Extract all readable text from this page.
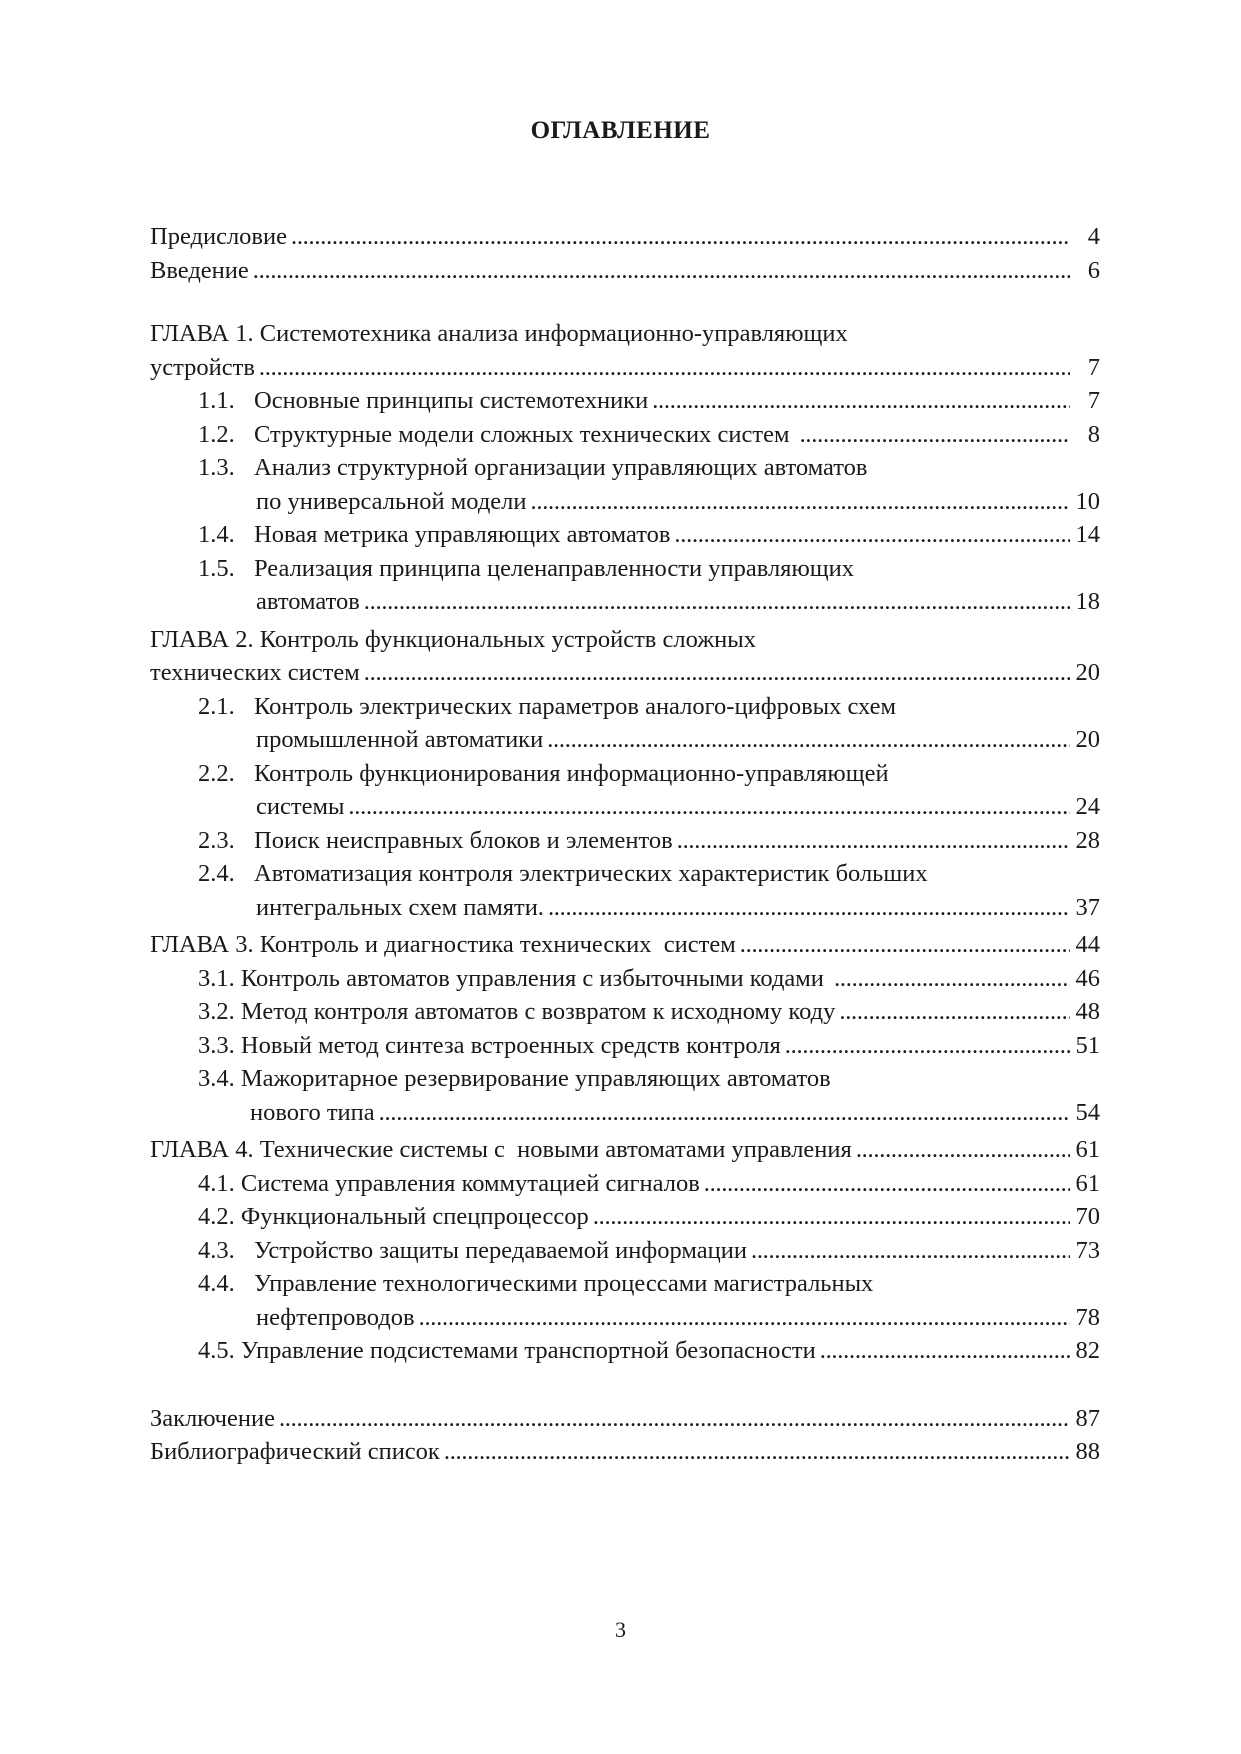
ОГЛАВЛЕНИЕ
Предисловие . . .	4
Введение . . .	6
ГЛАВА 1. Системотехника анализа информационно-управляющих
устройств . . .	7
1.1. Основные принципы системотехники . . .	7
1.2. Структурные модели сложных технических систем . . .	8
1.3. Анализ структурной организации управляющих автоматов
по универсальной модели . . .	10
1.4. Новая метрика управляющих автоматов . . .	14
1.5. Реализация принципа целенаправленности управляющих
автоматов . . .	18
ГЛАВА 2. Контроль функциональных устройств сложных
технических систем . . .	20
2.1. Контроль электрических параметров аналого-цифровых схем
промышленной автоматики . . .	20
2.2. Контроль функционирования информационно-управляющей
системы . . .	24
2.3. Поиск неисправных блоков и элементов . . .	28
2.4. Автоматизация контроля электрических характеристик больших
интегральных схем памяти. . . .	37
ГЛАВА 3. Контроль и диагностика технических  систем . . .	44
3.1. Контроль автоматов управления с избыточными кодами . . .	46
3.2. Метод контроля автоматов с возвратом к исходному коду . . .	48
3.3. Новый метод синтеза встроенных средств контроля . . .	51
3.4. Мажоритарное резервирование управляющих автоматов
нового типа . . .	54
ГЛАВА 4. Технические системы с  новыми автоматами управления . . .	61
4.1. Система управления коммутацией сигналов . . .	61
4.2. Функциональный спецпроцессор . . .	70
4.3. Устройство защиты передаваемой информации . . .	73
4.4. Управление технологическими процессами магистральных
нефтепроводов . . .	78
4.5. Управление подсистемами транспортной безопасности . . .	82
Заключение . . .	87
Библиографический список . . .	88
3
